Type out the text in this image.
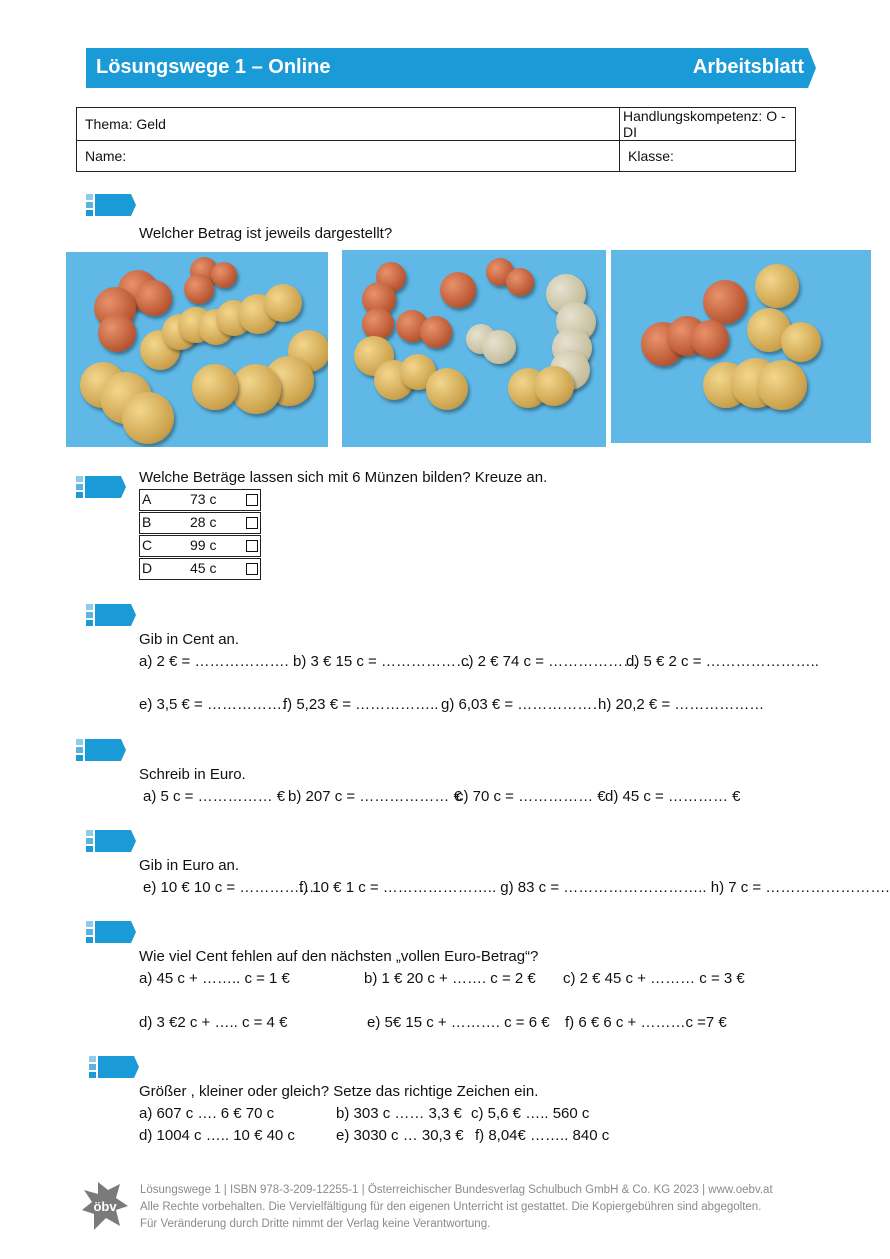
Lösungswege 1 – Online	Arbeitsblatt
Thema: Geld	Handlungskompetenz: O - DI
Name:	Klasse:
Welcher Betrag ist jeweils dargestellt?
Welche Beträge lassen sich mit 6 Münzen bilden? Kreuze an.
A	73 c
B	28 c
C	99 c
D	45 c
Gib in Cent an.
a) 2 € = ………………. b) 3 € 15 c = ………………
c) 2 € 74 c = ………………
d) 5 € 2 c = …………………..
e) 3,5 € = …………….
f) 5,23 € = …………….. g) 6,03 € = ………………
h) 20,2 € = ………………
Schreib in Euro.
a) 5 c = …………… € b) 207 c = ……………… €
c) 70 c = …………… € d) 45 c = ………… €
Gib in Euro an.
e) 10 € 10 c = ……………
f) 10 € 1 c = ………………….. g) 83 c = ……………………….. h) 7 c = …………………….
Wie viel Cent fehlen auf den nächsten „vollen Euro-Betrag“?
a) 45 c + …….. c = 1 €	b) 1 € 20 c + ……. c = 2 € c) 2 € 45 c + ……… c = 3 €
d) 3 €2 c + ….. c = 4 €	e) 5€ 15 c + ………. c = 6 € f) 6 € 6 c + ………c =7 €
Größer , kleiner oder gleich? Setze das richtige Zeichen ein.
a) 607 c …. 6 € 70 c	b) 303 c …… 3,3 € c) 5,6 € ….. 560 c
d) 1004 c ….. 10 € 40 c	e) 3030 c … 30,3 € f) 8,04€ …….. 840 c
öbv
Lösungswege 1 | ISBN 978-3-209-12255-1 | Österreichischer Bundesverlag Schulbuch GmbH & Co. KG 2023 | www.oebv.at
Alle Rechte vorbehalten. Die Vervielfältigung für den eigenen Unterricht ist gestattet. Die Kopiergebühren sind abgegolten.
Für Veränderung durch Dritte nimmt der Verlag keine Verantwortung.
